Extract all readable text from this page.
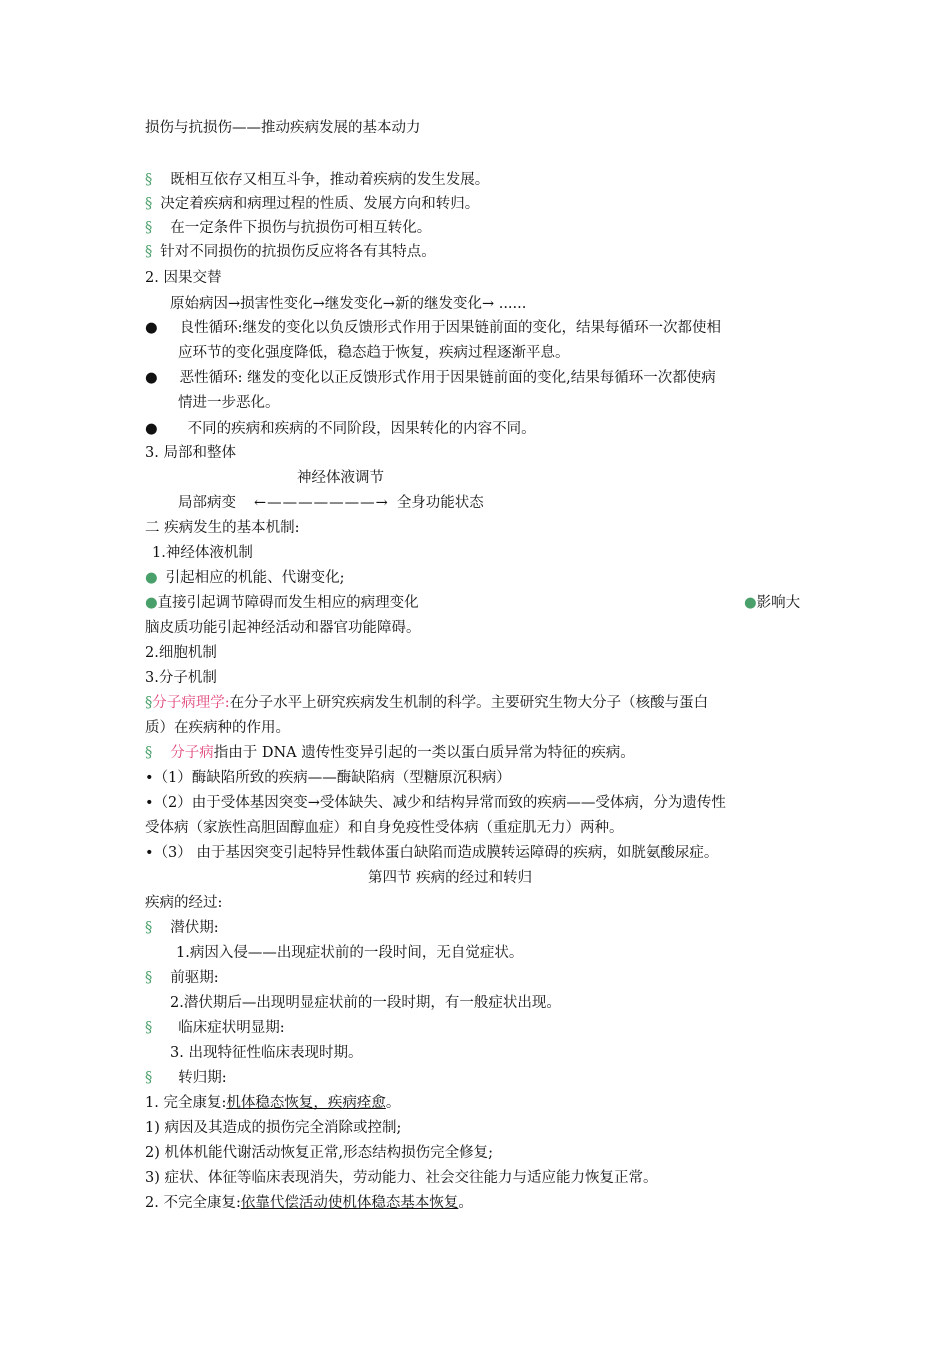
损伤与抗损伤——推动疾病发展的基本动力
§ 既相互依存又相互斗争，推动着疾病的发生发展。
§ 决定着疾病和病理过程的性质、发展方向和转归。
§ 在一定条件下损伤与抗损伤可相互转化。
§ 针对不同损伤的抗损伤反应将各有其特点。
2. 因果交替
原始病因→损害性变化→继发变化→新的继发变化→ ......
● 良性循环:继发的变化以负反馈形式作用于因果链前面的变化，结果每循环一次都使相
应环节的变化强度降低，稳态趋于恢复，疾病过程逐渐平息。
● 恶性循环: 继发的变化以正反馈形式作用于因果链前面的变化,结果每循环一次都使病
情进一步恶化。
● 不同的疾病和疾病的不同阶段，因果转化的内容不同。
3. 局部和整体
神经体液调节
局部病变 ←———————→ 全身功能状态
二 疾病发生的基本机制:
1.神经体液机制
● 引起相应的机能、代谢变化;
●直接引起调节障碍而发生相应的病理变化	●影响大
脑皮质功能引起神经活动和器官功能障碍。
2.细胞机制
3.分子机制
§分子病理学:在分子水平上研究疾病发生机制的科学。主要研究生物大分子（核酸与蛋白
质）在疾病种的作用。
§ 分子病指由于 DNA 遗传性变异引起的一类以蛋白质异常为特征的疾病。
•（1）酶缺陷所致的疾病——酶缺陷病（型糖原沉积病）
•（2）由于受体基因突变→受体缺失、减少和结构异常而致的疾病——受体病，分为遗传性
受体病（家族性高胆固醇血症）和自身免疫性受体病（重症肌无力）两种。
•（3） 由于基因突变引起特异性载体蛋白缺陷而造成膜转运障碍的疾病，如胱氨酸尿症。
第四节 疾病的经过和转归
疾病的经过:
§ 潜伏期:
1.病因入侵——出现症状前的一段时间，无自觉症状。
§ 前驱期:
2.潜伏期后—出现明显症状前的一段时期，有一般症状出现。
§ 临床症状明显期:
3. 出现特征性临床表现时期。
§ 转归期:
1. 完全康复:机体稳态恢复，疾病痊愈。
1) 病因及其造成的损伤完全消除或控制;
2) 机体机能代谢活动恢复正常,形态结构损伤完全修复;
3) 症状、体征等临床表现消失，劳动能力、社会交往能力与适应能力恢复正常。
2. 不完全康复:依靠代偿活动使机体稳态基本恢复。
